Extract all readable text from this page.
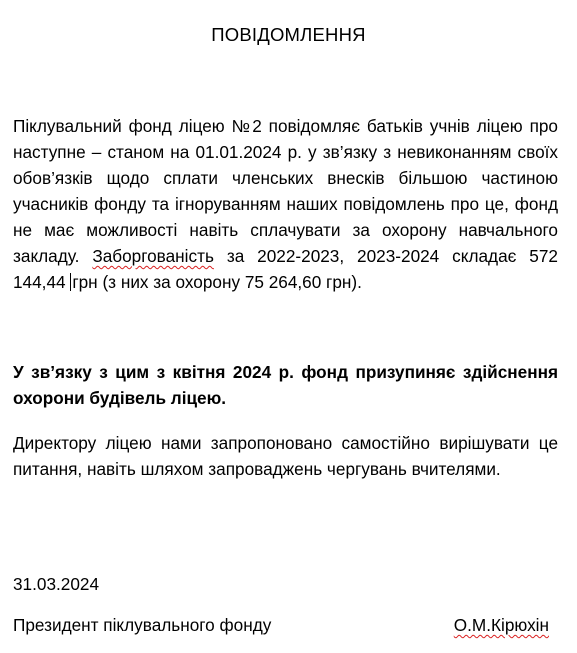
ПОВІДОМЛЕННЯ
Піклувальний фонд ліцею №2 повідомляє батьків учнів ліцею про наступне – станом на 01.01.2024 р. у зв’язку з невиконанням своїх обов’язків щодо сплати членських внесків більшою частиною учасників фонду та ігноруванням наших повідомлень про це, фонд не має можливості навіть сплачувати за охорону навчального закладу. Заборгованість за 2022-2023, 2023-2024 складає 572 144,44 грн (з них за охорону 75 264,60 грн).
У зв’язку з цим з квітня 2024 р. фонд призупиняє здійснення охорони будівель ліцею.
Директору ліцею нами запропоновано самостійно вирішувати це питання, навіть шляхом запроваджень чергувань вчителями.
31.03.2024
Президент піклувального фонду	О.М.Кірюхін
